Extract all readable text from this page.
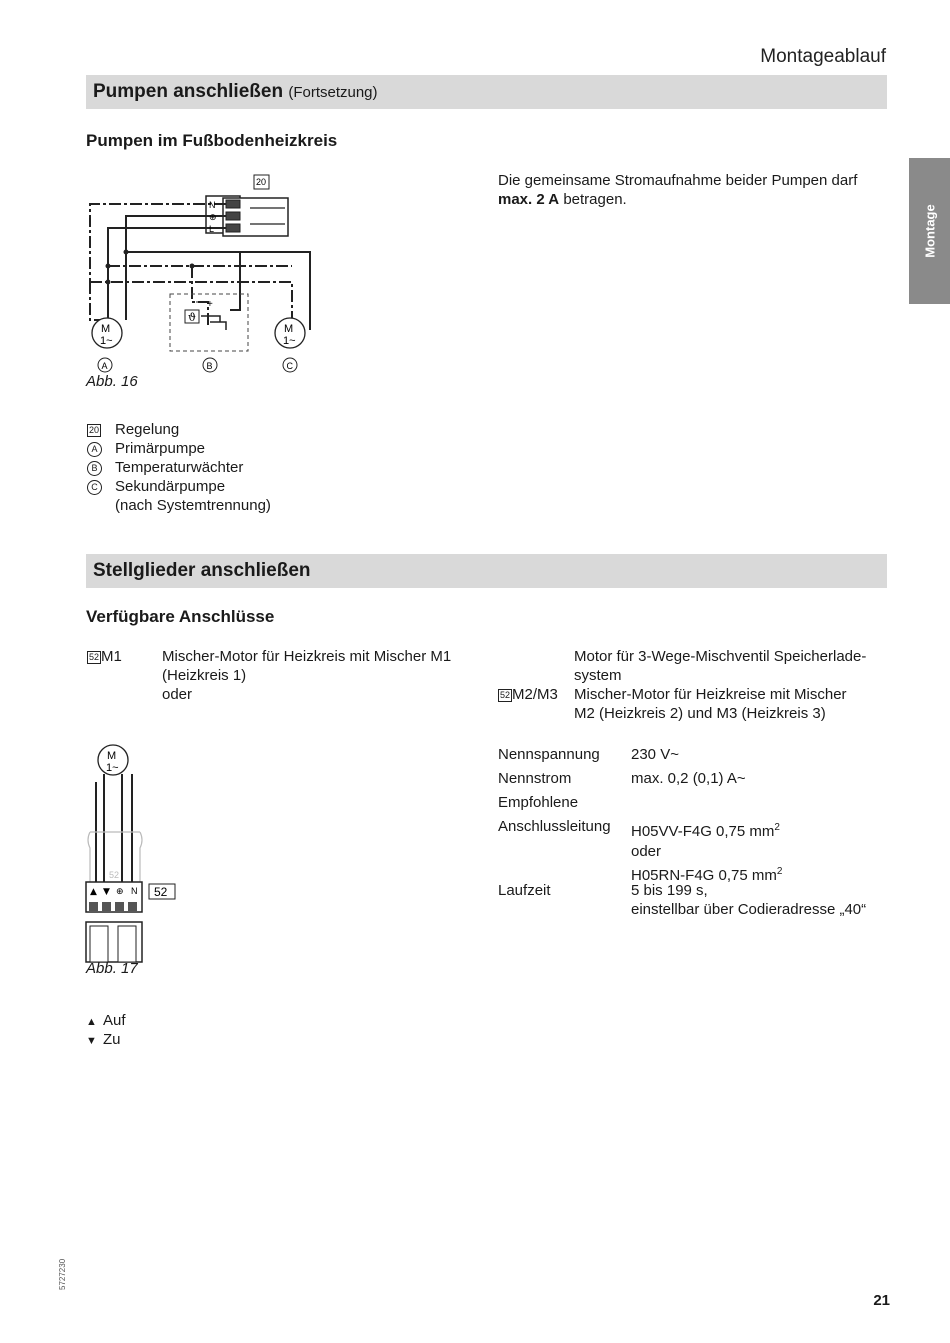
Montageablauf
Montage
Pumpen anschließen (Fortsetzung)
Pumpen im Fußbodenheizkreis
Die gemeinsame Stromaufnahme beider Pumpen darf
max. 2 A betragen.
ϑ
+
M
1~
M
1~
20
N
⊕
L
A	B	C
Abb. 16
20 Regelung
A Primärpumpe
B Temperaturwächter
C Sekundärpumpe
(nach Systemtrennung)
Stellglieder anschließen
Verfügbare Anschlüsse
52 M1	Mischer-Motor für Heizkreis mit Mischer M1
(Heizkreis 1)
oder
Motor für 3-Wege-Mischventil Speicherlade-
system
52 M2/M3 Mischer-Motor für Heizkreise mit Mischer
M2 (Heizkreis 2) und M3 (Heizkreis 3)
Nennspannung 230 V~
Nennstrom	max. 0,2 (0,1) A~
Empfohlene
Anschlussleitung H05VV-F4G 0,75 $mm^2$
oder
H05RN-F4G 0,75 $mm^2$
Laufzeit	5 bis 199 s,
einstellbar über Codieradresse „40“
52
M
1~
▲ ▼ ⊕ N 52
Abb. 17
▲ Auf
▼ Zu
5727230
21
